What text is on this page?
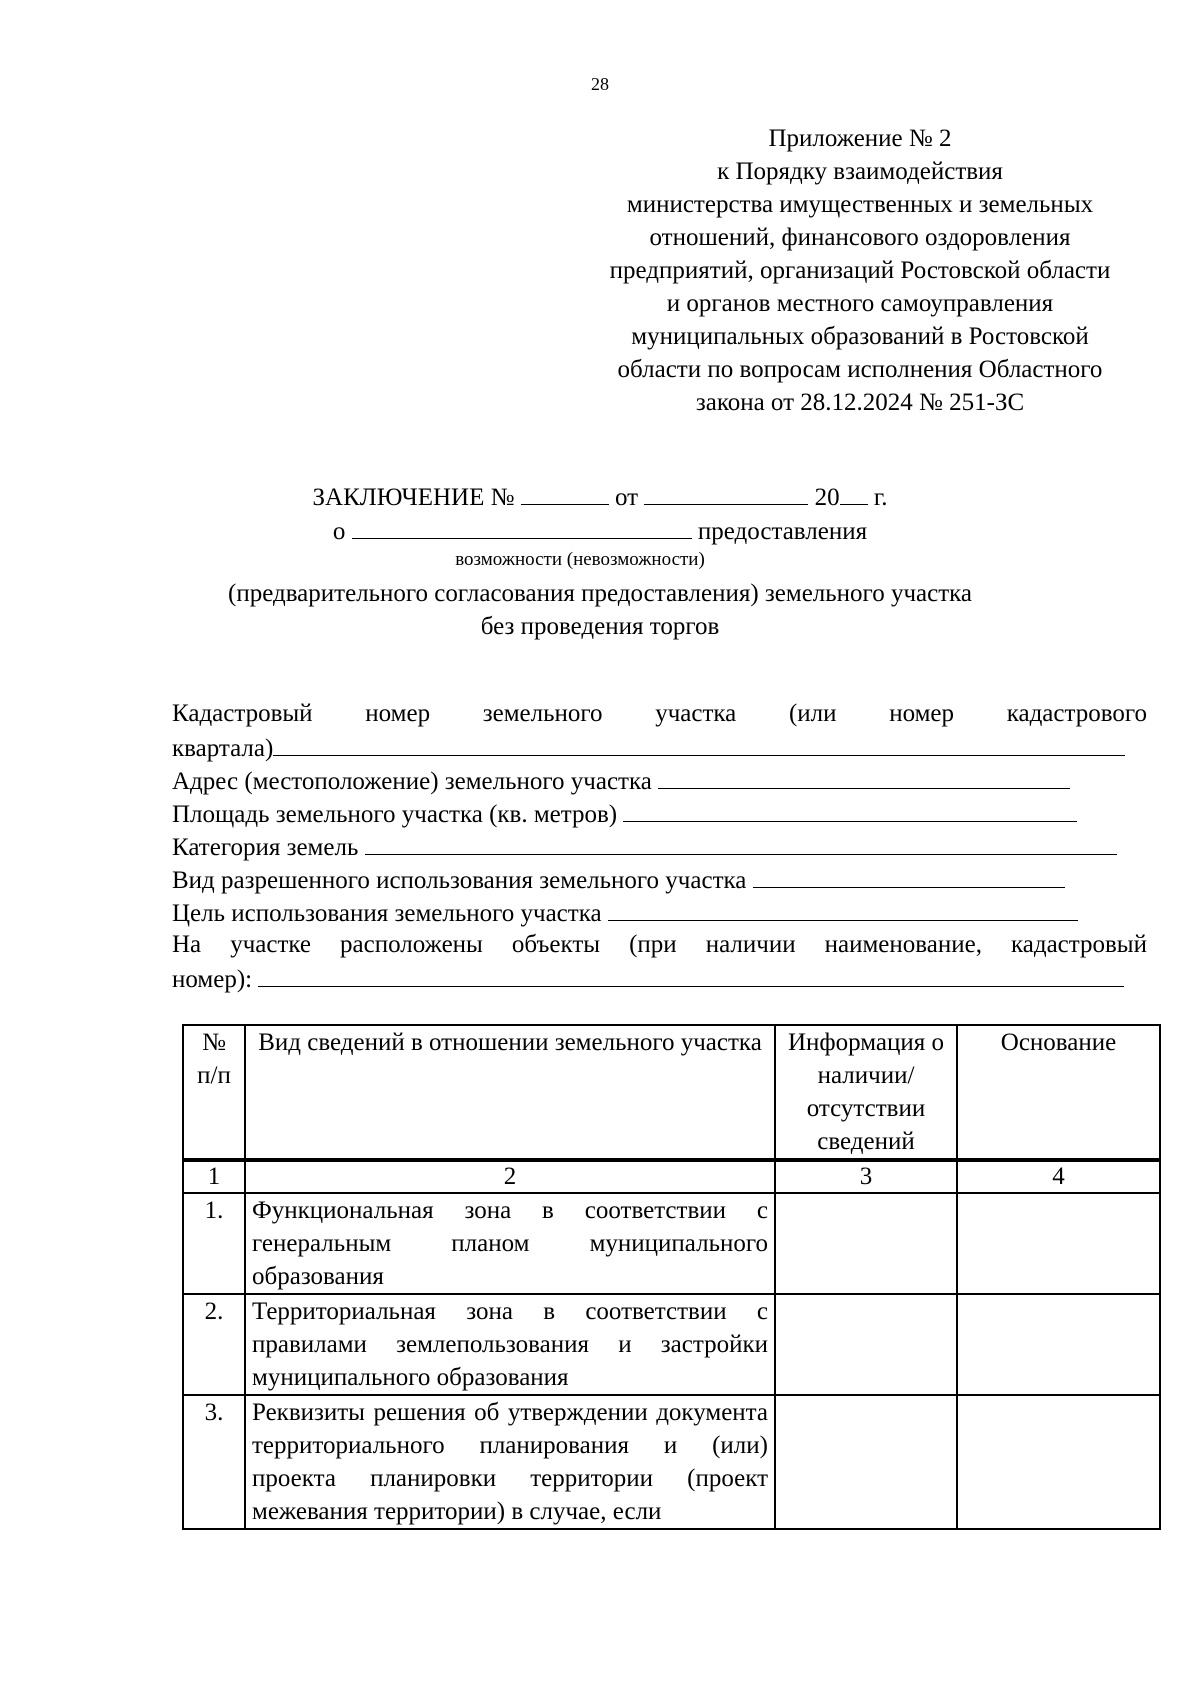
28
Приложение № 2
к Порядку взаимодействия
министерства имущественных и земельных
отношений, финансового оздоровления
предприятий, организаций Ростовской области
и органов местного самоуправления
муниципальных образований в Ростовской
области по вопросам исполнения Областного
закона от 28.12.2024 № 251-ЗС
ЗАКЛЮЧЕНИЕ №	от	20 г.
о	предоставления
возможности (невозможности)
(предварительного согласования предоставления) земельного участка
без проведения торгов
Кадастровый номер земельного участка (или номер кадастрового
квартала)
Адрес (местоположение) земельного участка
Площадь земельного участка (кв. метров)
Категория земель
Вид разрешенного использования земельного участка
Цель использования земельного участка
На участке расположены объекты (при наличии наименование, кадастровый
номер):
№ п/п	Вид сведений в отношении земельного участка	Информация о наличии/ отсутствии сведений	Основание
1	2	3	4
1.	Функциональная зона в соответствии с генеральным планом муниципального образования		
2.	Территориальная зона в соответствии с правилами землепользования и застройки муниципального образования		
3.	Реквизиты решения об утверждении документа территориального планирования и (или) проекта планировки территории (проект межевания территории) в случае, если		
